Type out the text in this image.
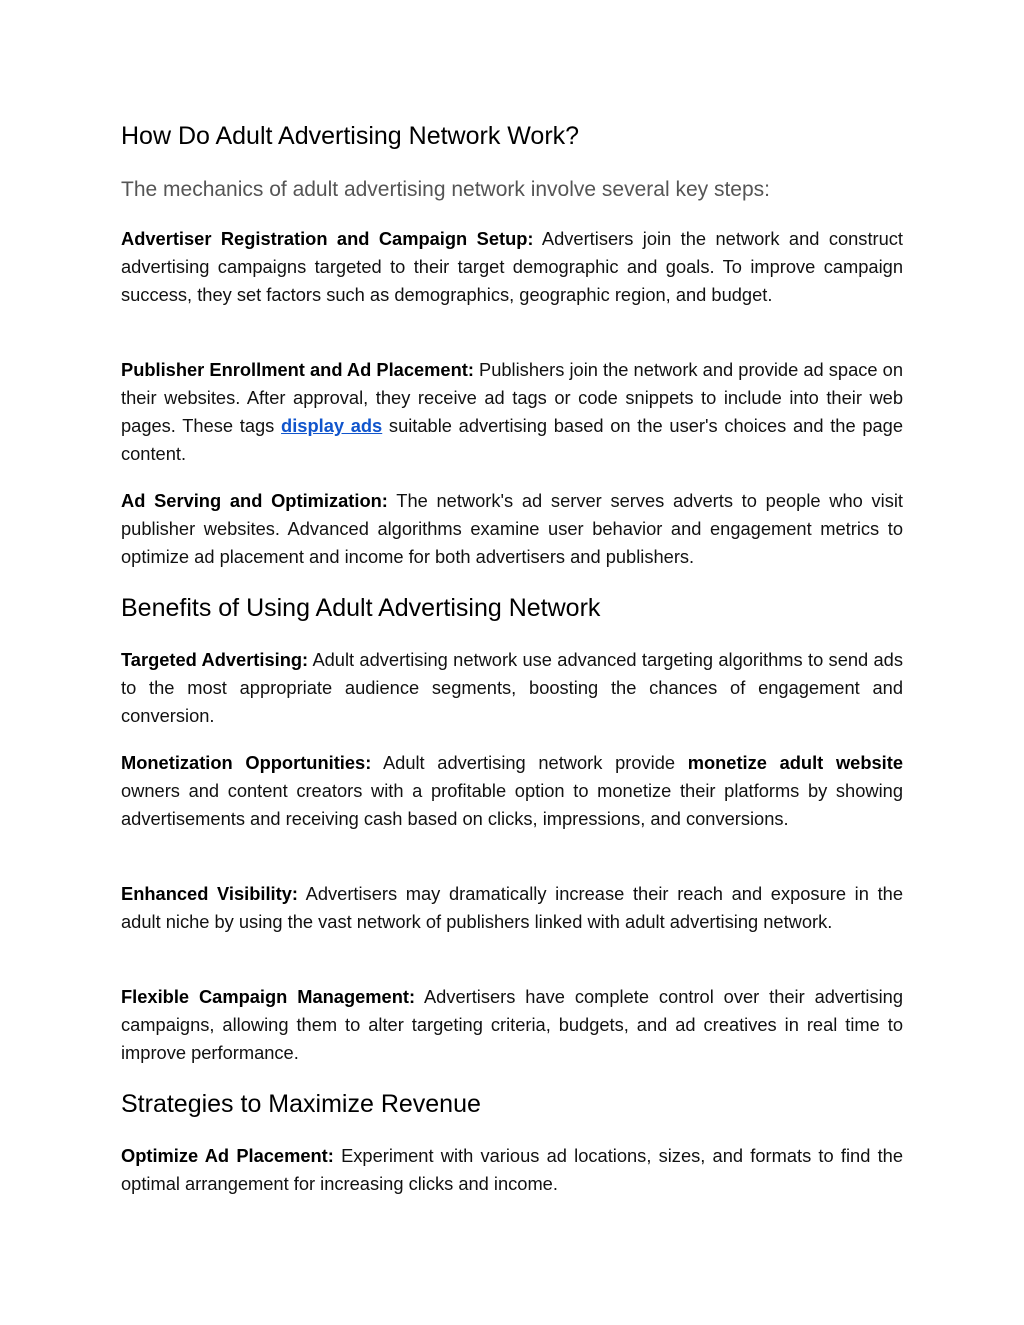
How Do Adult Advertising Network Work?
The mechanics of adult advertising network involve several key steps:

Advertiser Registration and Campaign Setup: Advertisers join the network and construct advertising campaigns targeted to their target demographic and goals. To improve campaign success, they set factors such as demographics, geographic region, and budget.

Publisher Enrollment and Ad Placement: Publishers join the network and provide ad space on their websites. After approval, they receive ad tags or code snippets to include into their web pages. These tags display ads suitable advertising based on the user's choices and the page content.

Ad Serving and Optimization: The network's ad server serves adverts to people who visit publisher websites. Advanced algorithms examine user behavior and engagement metrics to optimize ad placement and income for both advertisers and publishers.

Benefits of Using Adult Advertising Network

Targeted Advertising: Adult advertising network use advanced targeting algorithms to send ads to the most appropriate audience segments, boosting the chances of engagement and conversion.

Monetization Opportunities: Adult advertising network provide monetize adult website owners and content creators with a profitable option to monetize their platforms by showing advertisements and receiving cash based on clicks, impressions, and conversions.

Enhanced Visibility: Advertisers may dramatically increase their reach and exposure in the adult niche by using the vast network of publishers linked with adult advertising network.

Flexible Campaign Management: Advertisers have complete control over their advertising campaigns, allowing them to alter targeting criteria, budgets, and ad creatives in real time to improve performance.

Strategies to Maximize Revenue

Optimize Ad Placement: Experiment with various ad locations, sizes, and formats to find the optimal arrangement for increasing clicks and income.
